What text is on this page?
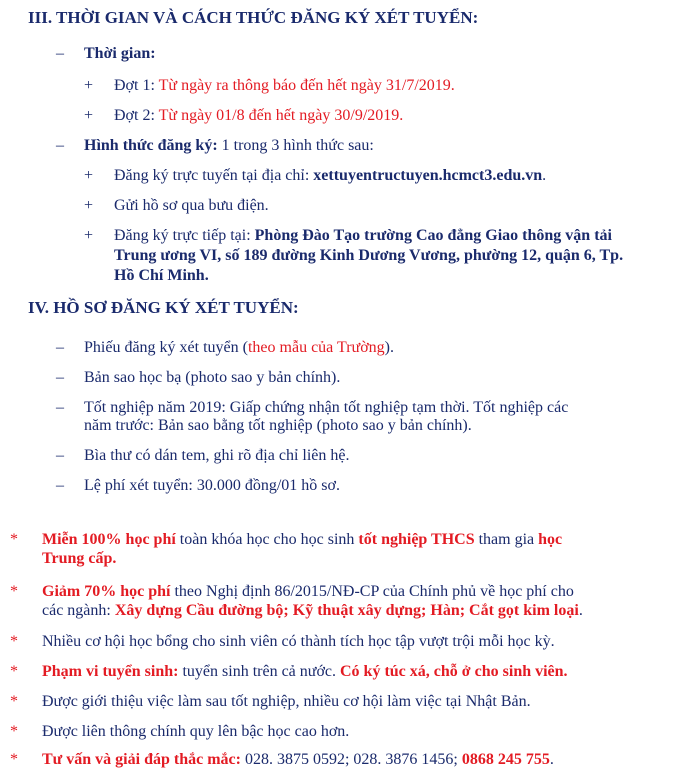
III. THỜI GIAN VÀ CÁCH THỨC ĐĂNG KÝ XÉT TUYỂN:
– Thời gian:
+ Đợt 1: Từ ngày ra thông báo đến hết ngày 31/7/2019.
+ Đợt 2: Từ ngày 01/8 đến hết ngày 30/9/2019.
– Hình thức đăng ký: 1 trong 3 hình thức sau:
+ Đăng ký trực tuyến tại địa chỉ: xettuyentructuyen.hcmct3.edu.vn.
+ Gửi hồ sơ qua bưu điện.
+ Đăng ký trực tiếp tại: Phòng Đào Tạo trường Cao đẳng Giao thông vận tải
Trung ương VI, số 189 đường Kinh Dương Vương, phường 12, quận 6, Tp.
Hồ Chí Minh.
IV. HỒ SƠ ĐĂNG KÝ XÉT TUYỂN:
– Phiếu đăng ký xét tuyển (theo mẫu của Trường).
– Bản sao học bạ (photo sao y bản chính).
– Tốt nghiệp năm 2019: Giấp chứng nhận tốt nghiệp tạm thời. Tốt nghiệp các
năm trước: Bản sao bằng tốt nghiệp (photo sao y bản chính).
– Bìa thư có dán tem, ghi rõ địa chỉ liên hệ.
– Lệ phí xét tuyển: 30.000 đồng/01 hồ sơ.
* Miễn 100% học phí toàn khóa học cho học sinh tốt nghiệp THCS tham gia học
Trung cấp.
* Giảm 70% học phí theo Nghị định 86/2015/NĐ-CP của Chính phủ về học phí cho
các ngành: Xây dựng Cầu đường bộ; Kỹ thuật xây dựng; Hàn; Cắt gọt kim loại.
* Nhiều cơ hội học bổng cho sinh viên có thành tích học tập vượt trội mỗi học kỳ.
* Phạm vi tuyển sinh: tuyển sinh trên cả nước. Có ký túc xá, chỗ ở cho sinh viên.
* Được giới thiệu việc làm sau tốt nghiệp, nhiều cơ hội làm việc tại Nhật Bản.
* Được liên thông chính quy lên bậc học cao hơn.
* Tư vấn và giải đáp thắc mắc: 028. 3875 0592; 028. 3876 1456; 0868 245 755.
